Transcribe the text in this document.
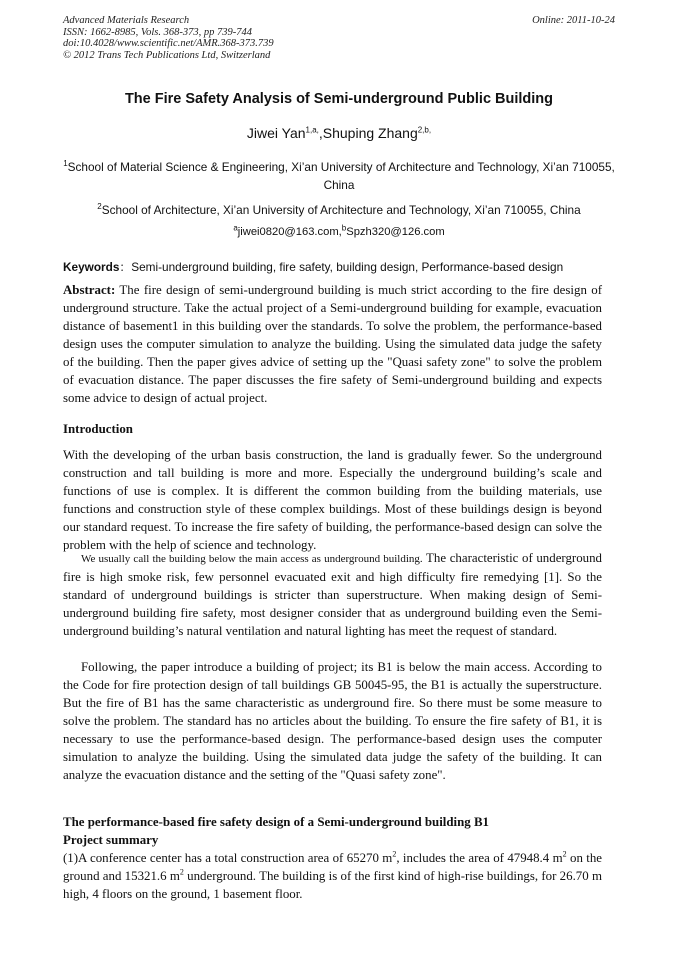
Advanced Materials Research
ISSN: 1662-8985, Vols. 368-373, pp 739-744
doi:10.4028/www.scientific.net/AMR.368-373.739
© 2012 Trans Tech Publications Ltd, Switzerland
Online: 2011-10-24
The Fire Safety Analysis of Semi-underground Public Building
Jiwei Yan$^{1,a,}$,Shuping Zhang$^{2,b,}$
$^1$School of Material Science & Engineering, Xi’an University of Architecture and Technology, Xi’an 710055, China
$^2$School of Architecture, Xi’an University of Architecture and Technology, Xi’an 710055, China
$^a$jiwei0820@163.com,$^b$Spzh320@126.com
Keywords：Semi-underground building, fire safety, building design, Performance-based design
Abstract: The fire design of semi-underground building is much strict according to the fire design of underground structure. Take the actual project of a Semi-underground building for example, evacuation distance of basement1 in this building over the standards. To solve the problem, the performance-based design uses the computer simulation to analyze the building. Using the simulated data judge the safety of the building. Then the paper gives advice of setting up the "Quasi safety zone" to solve the problem of evacuation distance. The paper discusses the fire safety of Semi-underground building and expects some advice to design of actual project.
Introduction
With the developing of the urban basis construction, the land is gradually fewer. So the underground construction and tall building is more and more. Especially the underground building’s scale and functions of use is complex. It is different the common building from the building materials, use functions and construction style of these complex buildings. Most of these buildings design is beyond our standard request. To increase the fire safety of building, the performance-based design can solve the problem with the help of science and technology.
We usually call the building below the main access as underground building. The characteristic of underground fire is high smoke risk, few personnel evacuated exit and high difficulty fire remedying [1]. So the standard of underground buildings is stricter than superstructure. When making design of Semi-underground building fire safety, most designer consider that as underground building even the Semi-underground building’s natural ventilation and natural lighting has meet the request of standard.
Following, the paper introduce a building of project; its B1 is below the main access. According to the Code for fire protection design of tall buildings GB 50045-95, the B1 is actually the superstructure. But the fire of B1 has the same characteristic as underground fire. So there must be some measure to solve the problem. The standard has no articles about the building. To ensure the fire safety of B1, it is necessary to use the performance-based design. The performance-based design uses the computer simulation to analyze the building. Using the simulated data judge the safety of the building. It can analyze the evacuation distance and the setting of the "Quasi safety zone".
The performance-based fire safety design of a Semi-underground building B1
Project summary
(1)A conference center has a total construction area of 65270 $m^2$, includes the area of 47948.4 $m^2$ on the ground and 15321.6 $m^2$ underground. The building is of the first kind of high-rise buildings, for 26.70 m high, 4 floors on the ground, 1 basement floor.
